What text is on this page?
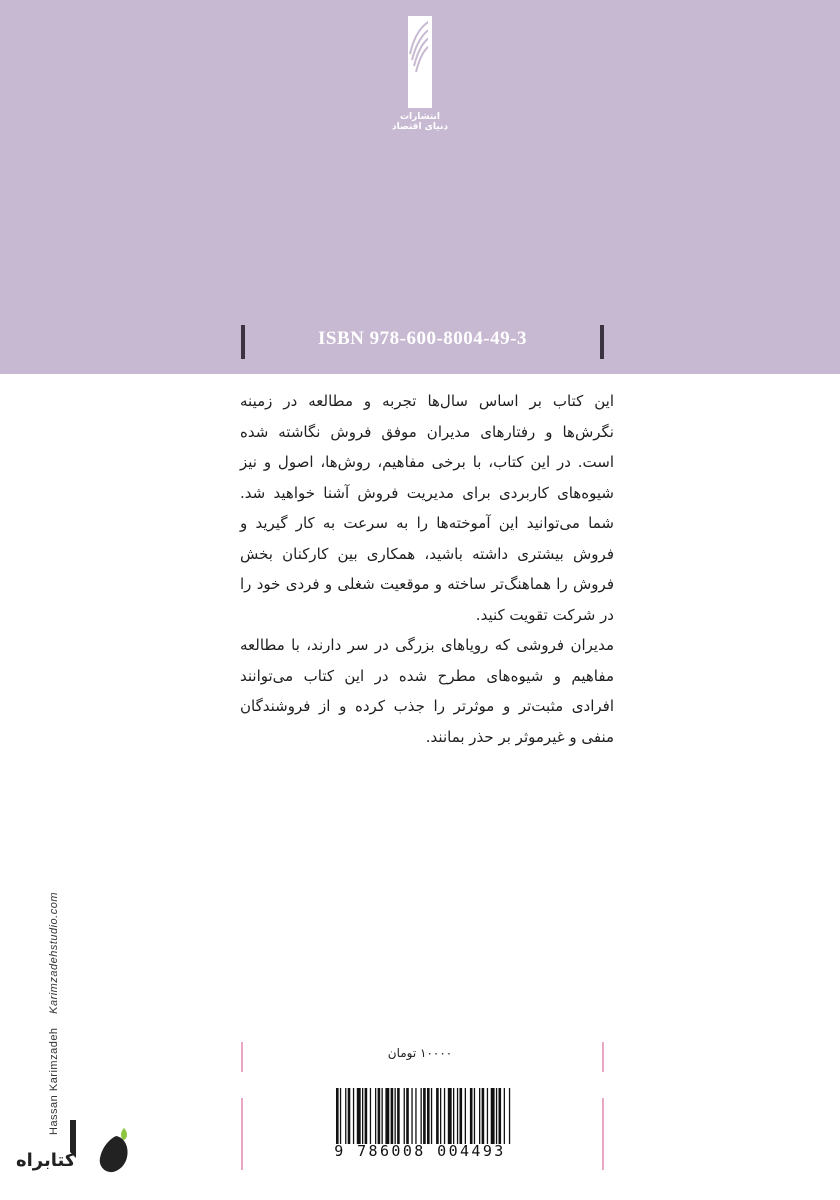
انتشارات
دنیای اقتصاد
ISBN 978-600-8004-49-3

این کتاب بر اساس سال‌ها تجربه و مطالعه در زمینه نگرش‌ها و رفتارهای مدیران موفق فروش نگاشته شده است. در این کتاب، با برخی مفاهیم، روش‌ها، اصول و نیز شیوه‌های کاربردی برای مدیریت فروش آشنا خواهید شد. شما می‌توانید این آموخته‌ها را به سرعت به کار گیرید و فروش بیشتری داشته باشید، همکاری بین کارکنان بخش فروش را هماهنگ‌تر ساخته و موقعیت شغلی و فردی خود را در شرکت تقویت کنید.

مدیران فروشی که رویاهای بزرگی در سر دارند، با مطالعه مفاهیم و شیوه‌های مطرح شده در این کتاب می‌توانند افرادی مثبت‌تر و موثرتر را جذب کرده و از فروشندگان منفی و غیرموثر بر حذر بمانند.

Hassan Karimzadeh Karimzadehstudio.com
۱۰۰۰۰ تومان
9 786008 004493
کتابراه
